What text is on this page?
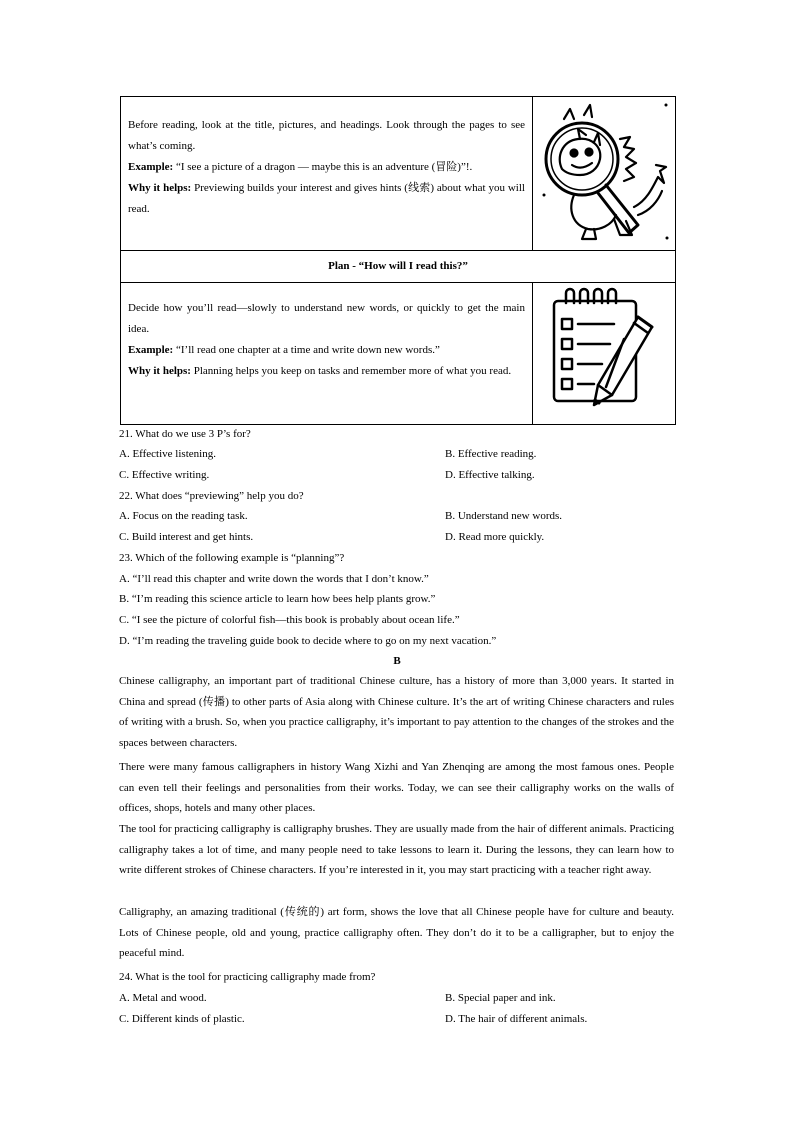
Before reading, look at the title, pictures, and headings. Look through the pages to see what’s coming.

Example: “I see a picture of a dragon — maybe this is an adventure (冒险)”!.

Why it helps: Previewing builds your interest and gives hints (线索) about what you will read.

Plan - “How will I read this?”

Decide how you’ll read—slowly to understand new words, or quickly to get the main idea.

Example: “I’ll read one chapter at a time and write down new words.”

Why it helps: Planning helps you keep on tasks and remember more of what you read.

21. What do we use 3 P’s for?
A. Effective listening.	B. Effective reading.
C. Effective writing.	D. Effective talking.
22. What does “previewing” help you do?
A. Focus on the reading task.	B. Understand new words.
C. Build interest and get hints.	D. Read more quickly.
23. Which of the following example is “planning”?
A. “I’ll read this chapter and write down the words that I don’t know.”
B. “I’m reading this science article to learn how bees help plants grow.”
C. “I see the picture of colorful fish—this book is probably about ocean life.”
D. “I’m reading the traveling guide book to decide where to go on my next vacation.”
B
Chinese calligraphy, an important part of traditional Chinese culture, has a history of more than 3,000 years. It started in China and spread (传播) to other parts of Asia along with Chinese culture. It’s the art of writing Chinese characters and rules of writing with a brush. So, when you practice calligraphy, it’s important to pay attention to the changes of the strokes and the spaces between characters.
There were many famous calligraphers in history Wang Xizhi and Yan Zhenqing are among the most famous ones. People can even tell their feelings and personalities from their works. Today, we can see their calligraphy works on the walls of offices, shops, hotels and many other places.
The tool for practicing calligraphy is calligraphy brushes. They are usually made from the hair of different animals. Practicing calligraphy takes a lot of time, and many people need to take lessons to learn it. During the lessons, they can learn how to write different strokes of Chinese characters. If you’re interested in it, you may start practicing with a teacher right away.
Calligraphy, an amazing traditional (传统的) art form, shows the love that all Chinese people have for culture and beauty. Lots of Chinese people, old and young, practice calligraphy often. They don’t do it to be a calligrapher, but to enjoy the peaceful mind.
24. What is the tool for practicing calligraphy made from?
A. Metal and wood.	B. Special paper and ink.
C. Different kinds of plastic.	D. The hair of different animals.
